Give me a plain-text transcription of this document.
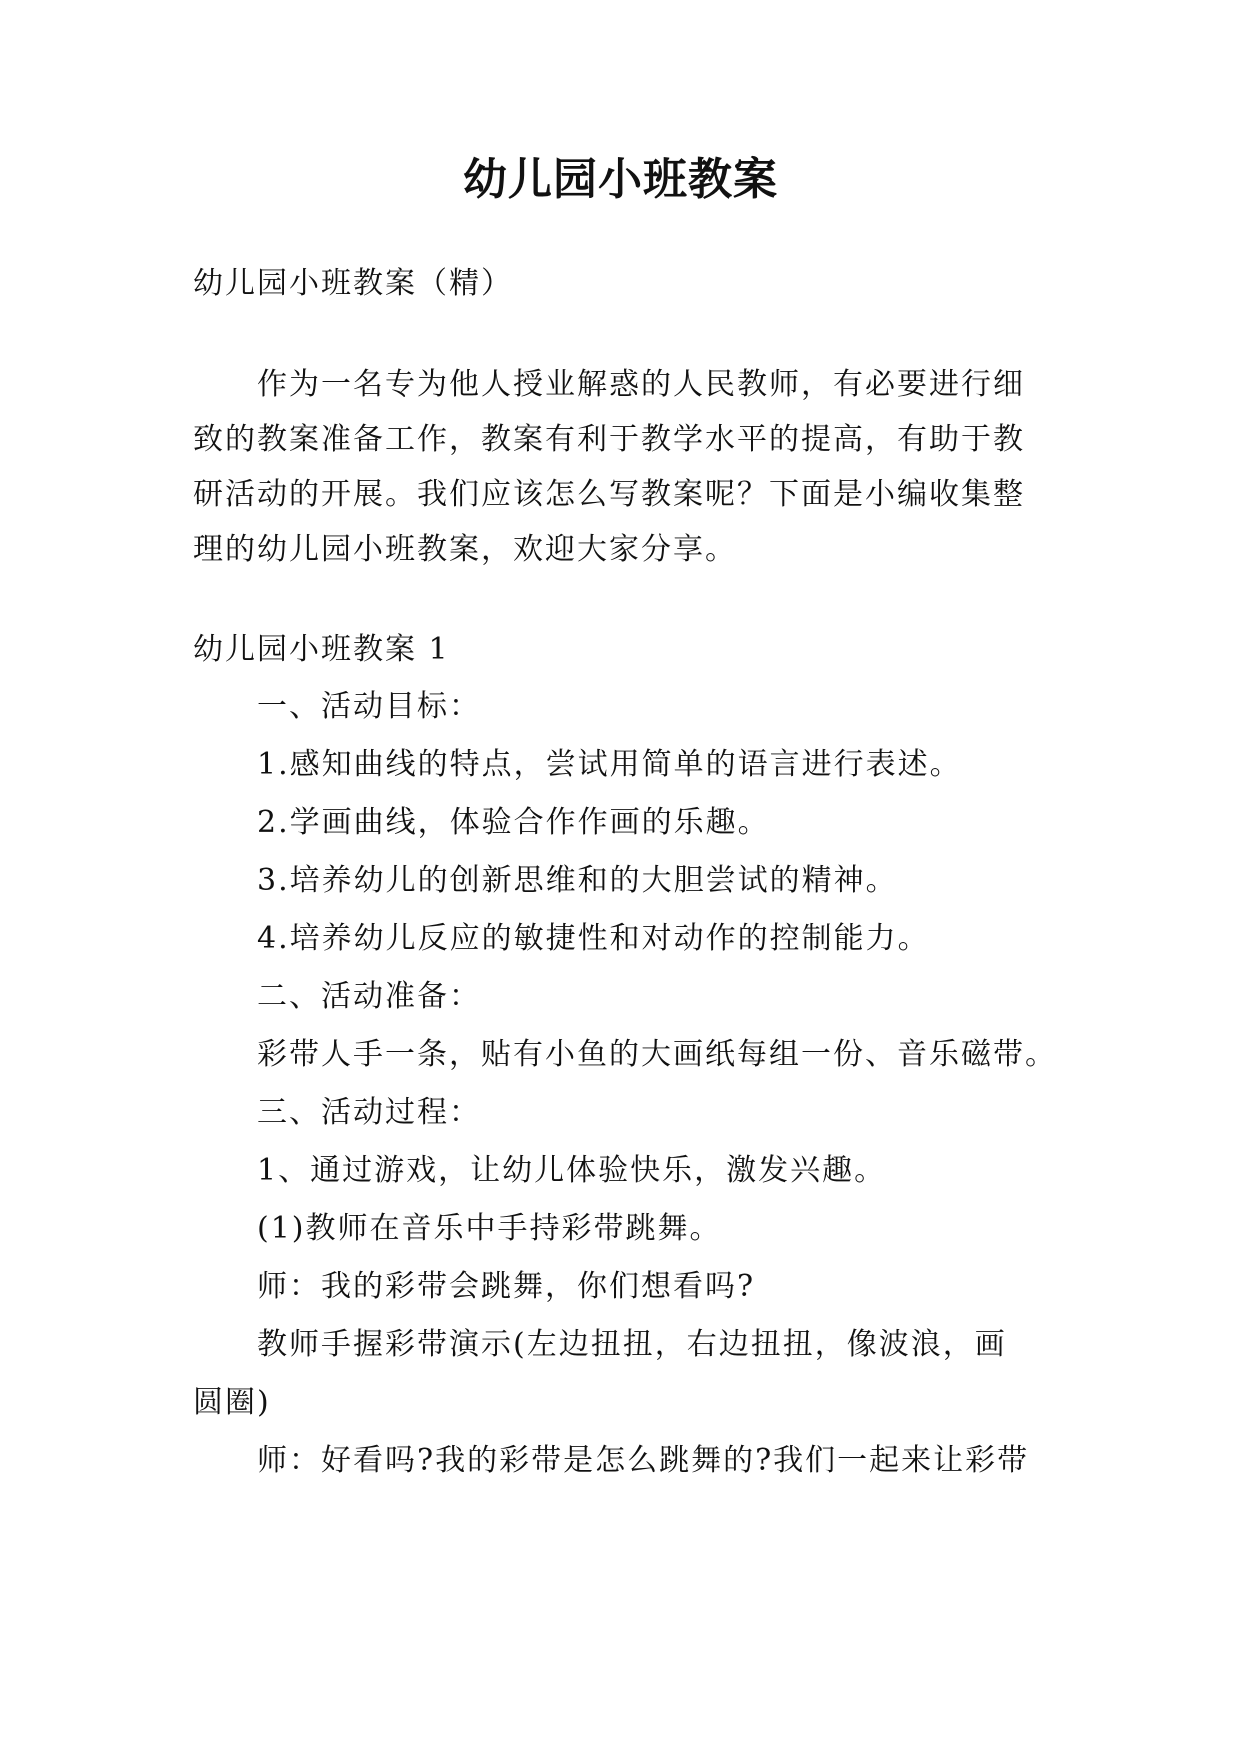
幼儿园小班教案
幼儿园小班教案（精）
作为一名专为他人授业解惑的人民教师，有必要进行细
致的教案准备工作，教案有利于教学水平的提高，有助于教
研活动的开展。我们应该怎么写教案呢？下面是小编收集整
理的幼儿园小班教案，欢迎大家分享。
幼儿园小班教案 1
一、活动目标：
1.感知曲线的特点，尝试用简单的语言进行表述。
2.学画曲线，体验合作作画的乐趣。
3.培养幼儿的创新思维和的大胆尝试的精神。
4.培养幼儿反应的敏捷性和对动作的控制能力。
二、活动准备：
彩带人手一条，贴有小鱼的大画纸每组一份、音乐磁带。
三、活动过程：
1、通过游戏，让幼儿体验快乐，激发兴趣。
(1)教师在音乐中手持彩带跳舞。
师：我的彩带会跳舞，你们想看吗?
教师手握彩带演示(左边扭扭，右边扭扭，像波浪，画
圆圈)
师：好看吗?我的彩带是怎么跳舞的?我们一起来让彩带
